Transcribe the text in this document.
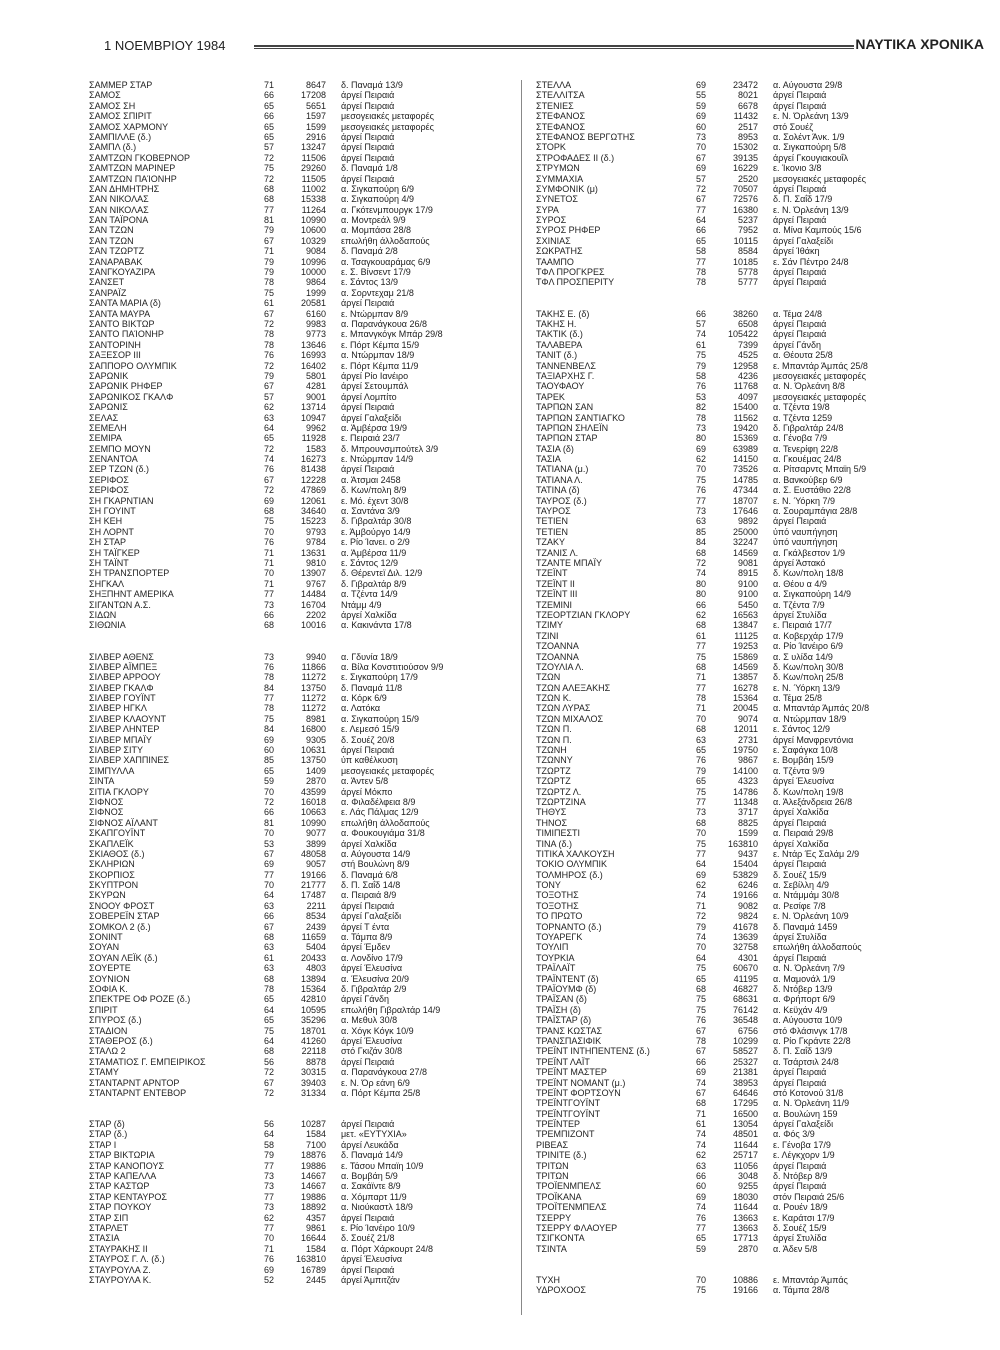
1 ΝΟΕΜΒΡΙΟΥ 1984	ΝΑΥΤΙΚΑ ΧΡΟΝΙΚΑ
ΣΑΜΜΕΡ ΣΤΑΡ	71	8647	δ. Παναμά 13/9
ΣΑΜΟΣ	66	17208	άργεί Πειραιά
ΣΑΜΟΣ ΣΗ	65	5651	άργεί Πειραιά
ΣΑΜΟΣ ΣΠΙΡΙΤ	66	1597	μεσογειακές μεταφορές
ΣΑΜΟΣ ΧΑΡΜΟΝΥ	65	1599	μεσογειακές μεταφορές
ΣΑΜΠΙΛΛΕ (δ.)	65	2916	άργεί Πειραιά
ΣΑΜΠΛ (δ.)	57	13247	άργεί Πειραιά
ΣΑΜΤΖΩΝ ΓΚΟΒΕΡΝΟΡ	72	11506	άργεί Πειραιά
ΣΑΜΤΖΩΝ ΜΑΡΙΝΕΡ	75	29260	δ. Παναμά 1/8
ΣΑΜΤΖΩΝ ΠΑΊΟΝΗΡ	72	11505	άργεί Πειραιά
ΣΑΝ ΔΗΜΗΤΡΗΣ	68	11002	α. Σιγκαπούρη 6/9
ΣΑΝ ΝΙΚΟΛΑΣ	68	15338	α. Σιγκαπούρη 4/9
ΣΑΝ ΝΙΚΟΛΑΣ	77	11264	α. Γκότενμπουργκ 17/9
ΣΑΝ ΤΑΪΡΟΝΑ	81	10990	α. Μοντρεάλ 9/9
ΣΑΝ ΤΖΩΝ	79	10600	α. Μομπάσα 28/8
ΣΑΝ ΤΖΩΝ	67	10329	επωλήθη άλλοδαπούς
ΣΑΝ ΤΖΩΡΤΖ	71	9084	δ. Παναμά 2/8
ΣΑΝΑΡΑΒΑΚ	79	10996	α. Τσαγκουαράμας 6/9
ΣΑΝΓΚΟΥΑΖΙΡΑ	79	10000	ε. Σ. Βίνσεντ 17/9
ΣΑΝΣΕΤ	78	9864	ε. Σάντος 13/9
ΣΑΝΡΑΪΖ	75	1999	α. Σορντεχαμ 21/8
ΣΑΝΤΑ ΜΑΡΙΑ (δ)	61	20581	άργεί Πειραιά
ΣΑΝΤΑ ΜΑΥΡΑ	67	6160	ε. Ντώρμπαν 8/9
ΣΑΝΤΟ ΒΙΚΤΩΡ	72	9983	α. Παρανάγκουα 26/8
ΣΑΝΤΟ ΠΑΊΟΝΗΡ	78	9773	ε. Μπανγκόγκ Μπάρ 29/8
ΣΑΝΤΟΡΙΝΗ	78	13646	ε. Πόρτ Κέμπα 15/9
ΣΑΞΕΣΟΡ III	76	16993	α. Ντώρμπαν 18/9
ΣΑΠΠΟΡΟ ΟΛΥΜΠΙΚ	72	16402	ε. Πόρτ Κέμπα 11/9
ΣΑΡΩΝΙΚ	79	5801	άργεί Ρίο Ιανέιρο
ΣΑΡΩΝΙΚ ΡΗΦΕΡ	67	4281	άργεί Σετουμπάλ
ΣΑΡΩΝΙΚΟΣ ΓΚΑΛΦ	57	9001	άργεί Λομπίτο
ΣΑΡΩΝΙΣ	62	13714	άργεί Πειραιά
ΣΕΛΑΣ	63	10947	άργεί Γαλαξείδι
ΣΕΜΕΛΗ	64	9962	α. Άμβέρσα 19/9
ΣΕΜΙΡΑ	65	11928	ε. Πειραιά 23/7
ΣΕΜΠΟ ΜΟΥΝ	72	1583	δ. Μπρουνσμπούτελ 3/9
ΣΕΝΑΝΤΟΑ	74	16273	ε. Ντώρμπαν 14/9
ΣΕΡ ΤΖΩΝ (δ.)	76	81438	άργεί Πειραιά
ΣΕΡΙΦΟΣ	67	12228	α. Άτσμαι 2458
ΣΕΡΙΦΟΣ	72	47869	δ. Κων/πολη 8/9
ΣΗ ΓΚΑΡΝΤΙΑΝ	69	12061	ε. Μό. έχεντ 30/8
ΣΗ ΓΟΥΙΝΤ	68	34640	α. Σαντάνα 3/9
ΣΗ ΚΕΗ	75	15223	δ. Γιβραλτάρ 30/8
ΣΗ ΛΟΡΝΤ	70	9793	ε. Άμβούργο 14/9
ΣΗ ΣΤΑΡ	76	9784	ε. Ρίο Ίανει. ο 2/9
ΣΗ ΤΑΪΓΚΕΡ	71	13631	α. Άμβέρσα 11/9
ΣΗ ΤΑΪΝΤ	71	9810	ε. Σάντος 12/9
ΣΗ ΤΡΑΝΣΠΟΡΤΕΡ	70	13907	δ. Θέρεντεϊ Διλ. 12/9
ΣΗΓΚΑΛ	71	9767	δ. Γιβραλτάρ 8/9
ΣΗΞΠΗΝΤ ΑΜΕΡΙΚΑ	77	14484	α. Τζέντα 14/9
ΣΙΓΑΝΤΩΝ Α.Σ.	73	16704	Ντάμμ 4/9
ΣΙΔΩΝ	66	2202	άργεί Χαλκίδα
ΣΙΘΩΝΙΑ	68	10016	α. Κακινάντα 17/8
ΣΙΛΒΕΡ ΑΘΕΝΣ	73	9940	α. Γδυνία 18/9
ΣΙΛΒΕΡ ΑΪΜΠΕΞ	76	11866	α. Βίλα Κονστιτιούσον 9/9
ΣΙΛΒΕΡ ΑΡΡΟΟΥ	78	11272	ε. Σιγκαπούρη 17/9
ΣΙΛΒΕΡ ΓΚΑΛΦ	84	13750	δ. Παναμά 11/8
ΣΙΛΒΕΡ ΓΟΥΪΝΤ	77	11272	α. Κόρκ 6/9
ΣΙΛΒΕΡ ΗΓΚΛ	78	11272	α. Λατόκα
ΣΙΛΒΕΡ ΚΛΑΟΥΝΤ	75	8981	α. Σιγκαπούρη 15/9
ΣΙΛΒΕΡ ΛΗΝΤΕΡ	84	16800	ε. Λεμεσό 15/9
ΣΙΛΒΕΡ ΜΠΑΪΥ	69	9305	δ. Σουέζ 20/8
ΣΙΛΒΕΡ ΣΙΤΥ	60	10631	άργεί Πειραιά
ΣΙΛΒΕΡ ΧΑΠΠΙΝΕΣ	85	13750	ύπ καθέλκυση
ΣΙΜΠΥΛΛΑ	65	1409	μεσογειακές μεταφορές
ΣΙΝΤΑ	59	2870	α. Άντεν 5/8
ΣΙΤΙΑ ΓΚΛΟΡΥ	70	43599	άργεί Μόκπο
ΣΙΦΝΟΣ	72	16018	α. Φιλαδέλφεια 8/9
ΣΙΦΝΟΣ	66	10663	ε. Λάς Πάλμας 12/9
ΣΙΦΝΟΣ ΑΪΛΑΝΤ	81	10990	επωλήθη άλλοδαπούς
ΣΚΑΠΓΟΥΪΝΤ	70	9077	α. Φουκουγιάμα 31/8
ΣΚΑΠΛΕΪΚ	53	3899	άργεί Χαλκίδα
ΣΚΙΑΘΟΣ (δ.)	67	48058	α. Αύγουστα 14/9
ΣΚΛΗΡΙΩΝ	69	9057	στή Βουλώνη 8/9
ΣΚΟΡΠΙΟΣ	77	19166	δ. Παναμά 6/8
ΣΚΥΠΤΡΟΝ	70	21777	δ. Π. Σαΐδ 14/8
ΣΚΥΡΩΝ	64	17487	α. Πειραιά 8/9
ΣΝΟΟΥ ΦΡΟΣΤ	63	2211	άργεί Πειραιά
ΣΟΒΕΡΕΪΝ ΣΤΑΡ	66	8534	άργεί Γαλαξείδι
ΣΟΜΚΟΛ 2 (δ.)	67	2439	άργεί Τ έντα
ΣΟΝΙΝΤ	68	11659	α. Τάμπα 8/9
ΣΟΥΑΝ	63	5404	άργεί Έμδεν
ΣΟΥΑΝ ΛΕΪΚ (δ.)	61	20433	α. Λονδίνο 17/9
ΣΟΥΕΡΤΕ	63	4803	άργεί Έλευσίνα
ΣΟΥΝΙΟΝ	68	13894	α. Έλευσίνα 20/9
ΣΟΦΙΑ Κ.	78	15364	δ. Γιβραλτάρ 2/9
ΣΠΕΚΤΡΕ ΟΦ ΡΟΖΕ (δ.)	65	42810	άργεί Γάνδη
ΣΠΙΡΙΤ	64	10595	επωλήθη Γιβραλτάρ 14/9
ΣΠΥΡΟΣ (δ.)	65	35296	α. Μεθυλ 30/8
ΣΤΑΔΙΟΝ	75	18701	α. Χόγκ Κόγκ 10/9
ΣΤΑΘΕΡΟΣ (δ.)	64	41260	άργεί Έλευσίνα
ΣΤΑΛΩ 2	68	22118	στό Γκιζάν 30/8
ΣΤΑΜΑΤΙΟΣ Γ. ΕΜΠΕΙΡΙΚΟΣ	56	8878	άργεί Πειραιά
ΣΤΑΜΥ	72	30315	α. Παρανάγκουα 27/8
ΣΤΑΝΤΑΡΝΤ ΑΡΝΤΟΡ	67	39403	ε. Ν. Όρ εάνη 6/9
ΣΤΑΝΤΑΡΝΤ ΕΝΤΕΒΟΡ	72	31334	α. Πόρτ Κέμπα 25/8
ΣΤΑΡ (δ)	56	10287	άργεί Πειραιά
ΣΤΑΡ (δ.)	64	1584	μετ. «ΕΥΤΥΧΙΑ»
ΣΤΑΡ Ι	58	7100	άργεί Λευκάδα
ΣΤΑΡ ΒΙΚΤΩΡΙΑ	79	18876	δ. Παναμά 14/9
ΣΤΑΡ ΚΑΝΟΠΟΥΣ	77	19886	ε. Τάσου Μπαϊη 10/9
ΣΤΑΡ ΚΑΠΕΛΛΑ	73	14667	α. Βομβάη 5/9
ΣΤΑΡ ΚΑΣΤΩΡ	73	14667	α. Σακάϊντε 8/9
ΣΤΑΡ ΚΕΝΤΑΥΡΟΣ	77	19886	α. Χόμπαρτ 11/9
ΣΤΑΡ ΠΟΥΚΟΥ	73	18892	α. Νιούκαστλ 18/9
ΣΤΑΡ ΣΙΠ	62	4357	άργεί Πειραιά
ΣΤΑΡΛΕΤ	77	9861	ε. Ρίο Ίανέιρο 10/9
ΣΤΑΣΙΑ	70	16644	δ. Σουέζ 21/8
ΣΤΑΥΡΑΚΗΣ ΙΙ	71	1584	α. Πόρτ Χάρκουρτ 24/8
ΣΤΑΥΡΟΣ Γ. Λ. (δ.)	76	163810	άργεί Έλευσίνα
ΣΤΑΥΡΟΥΛΑ Ζ.	69	16789	άργεί Πειραιά
ΣΤΑΥΡΟΥΛΑ Κ.	52	2445	άργεί Άμπιτζάν
ΣΤΕΛΛΑ	69	23472	α. Αύγουστα 29/8
ΣΤΕΛΛΙΤΣΑ	55	8021	άργεί Πειραιά
ΣΤΕΝΙΕΣ	59	6678	άργεί Πειραιά
ΣΤΕΦΑΝΟΣ	69	11432	ε. Ν. Όρλεάνη 13/9
ΣΤΕΦΑΝΟΣ	60	2517	στό Σουέζ
ΣΤΕΦΑΝΟΣ ΒΕΡΓΩΤΗΣ	73	8953	α. Σολέντ Άνκ. 1/9
ΣΤΟΡΚ	70	15302	α. Σιγκαπούρη 5/8
ΣΤΡΟΦΑΔΕΣ ΙΙ (δ.)	67	39135	άργεί Γκουγιακουΐλ
ΣΤΡΥΜΩΝ	69	16229	ε. Ίκονιο 3/8
ΣΥΜΜΑΧΙΑ	57	2520	μεσογειακές μεταφορές
ΣΥΜΦΟΝΙΚ (μ)	72	70507	άργεί Πειραιά
ΣΥΝΕΤΟΣ	67	72576	δ. Π. Σαΐδ 17/9
ΣΥΡΑ	77	16380	ε. Ν. Όρλεάνη 13/9
ΣΥΡΟΣ	64	5237	άργεί Πειραιά
ΣΥΡΟΣ ΡΗΦΕΡ	66	7952	α. Μίνα Καμπούς 15/6
ΣΧΙΝΙΑΣ	65	10115	άργεί Γαλαξείδι
ΣΩΚΡΑΤΗΣ	58	8584	άργεί Ίθάκη
ΤΑΑΜΠΟ	77	10185	ε. Σάν Πέντρο 24/8
ΤΦΛ ΠΡΟΓΚΡΕΣ	78	5778	άργεί Πειραιά
ΤΦΛ ΠΡΟΣΠΕΡΙΤΥ	78	5777	άργεί Πειραιά
ΤΑΚΗΣ Ε. (δ)	66	38260	α. Τέμα 24/8
ΤΑΚΗΣ Η.	57	6508	άργεί Πειραιά
ΤΑΚΤΙΚ (δ.)	74	105422	άργεί Πειραιά
ΤΑΛΑΒΕΡΑ	61	7399	άργεί Γάνδη
ΤΑΝΙΤ (δ.)	75	4525	α. Θέουτα 25/8
ΤΑΝΝΕΝΒΕΛΣ	79	12958	ε. Μπαντάρ Άμπάς 25/8
ΤΑΞΙΑΡΧΗΣ Γ.	58	4236	μεσογειακές μεταφορές
ΤΑΟΥΦΑΟΥ	76	11768	α. Ν. Όρλεάνη 8/8
ΤΑΡΕΚ	53	4097	μεσογειακές μεταφορές
ΤΑΡΠΩΝ ΣΑΝ	82	15400	α. Τζέντα 19/8
ΤΑΡΠΩΝ ΣΑΝΤΙΑΓΚΟ	78	11562	α. Τζέντα 1259
ΤΑΡΠΩΝ ΣΗΛΕΪΝ	73	19420	δ. Γιβραλτάρ 24/8
ΤΑΡΠΩΝ ΣΤΑΡ	80	15369	α. Γένοβα 7/9
ΤΑΣΙΑ (δ)	69	63989	α. Τενερίφη 22/8
ΤΑΣΙΑ	62	14150	α. Γκουέμας 24/8
ΤΑΤΙΑΝΑ (μ.)	70	73526	α. Ρίτσαρντς Μπαϊη 5/9
ΤΑΤΙΑΝΑ Λ.	75	14785	α. Βανκούβερ 6/9
ΤΑΤΙΝΑ (δ)	76	47344	α. Σ. Ευστάθιο 22/8
ΤΑΥΡΟΣ (δ.)	77	18707	ε. Ν. Ύόρκη 7/9
ΤΑΥΡΟΣ	73	17646	α. Σουραμπάγια 28/8
ΤΕΤΙΕΝ	63	9892	άργεί Πειραιά
ΤΕΤΙΕΝ	85	25000	ύπό ναυπήγηση
ΤΖΑΚΥ	84	32247	ύπό ναυπήγηση
ΤΖΑΝΙΣ Λ.	68	14569	α. Γκάλβεστον 1/9
ΤΖΑΝΤΕ ΜΠΑΪΥ	72	9081	άργεί Άστακό
ΤΖΕΪΝΤ	74	8915	δ. Κων/πολη 18/8
ΤΖΕΪΝΤ ΙΙ	80	9100	α. Θέου α 4/9
ΤΖΕΪΝΤ ΙΙΙ	80	9100	α. Σιγκαπούρη 14/9
ΤΖΕΜΙΝΙ	66	5450	α. Τζέντα 7/9
ΤΖΕΟΡΤΖΙΑΝ ΓΚΛΟΡΥ	62	16563	άργεί Στυλίδα
ΤΖΙΜΥ	68	13847	ε. Πειραιά 17/7
ΤΖΙΝΙ	61	11125	α. Κοβερχάρ 17/9
ΤΖΟΑΝΝΑ	77	19253	α. Ρίο Ίανέιρο 6/9
ΤΖΟΑΝΝΑ	75	15869	α. Σ υλίδα 14/9
ΤΖΟΥΛΙΑ Λ.	68	14569	δ. Κων/πολη 30/8
ΤΖΩΝ	71	13857	δ. Κων/πολη 25/8
ΤΖΩΝ ΑΛΕΞΑΚΗΣ	77	16278	ε. Ν. Ύόρκη 13/9
ΤΖΩΝ Κ.	78	15364	α. Τέμα 25/8
ΤΖΩΝ ΛΥΡΑΣ	71	20045	α. Μπαντάρ Άμπάς 20/8
ΤΖΩΝ ΜΙΧΑΛΟΣ	70	9074	α. Ντώρμπαν 18/9
ΤΖΩΝ Π.	68	12011	ε. Σάντος 12/9
ΤΖΩΝ Π.	63	2731	άργεί Μανφρεντόνια
ΤΖΩΝΗ	65	19750	ε. Σαφάγκα 10/8
ΤΖΩΝΝΥ	76	9867	ε. Βομβάη 15/9
ΤΖΩΡΤΖ	79	14100	α. Τζέντα 9/9
ΤΖΩΡΤΖ	65	4323	άργεί Έλευσίνα
ΤΖΩΡΤΖ Λ.	75	14786	δ. Κων/πολη 19/8
ΤΖΩΡΤΖΙΝΑ	77	11348	α. Άλεξάνδρεια 26/8
ΤΗΘΥΣ	73	3717	άργεί Χαλκίδα
ΤΗΝΟΣ	68	8825	άργεί Πειραιά
ΤΙΜΙΠΕΣΤΙ	70	1599	α. Πειραιά 29/8
ΤΙΝΑ (δ.)	75	163810	άργεί Χαλκίδα
ΤΙΤΙΚΑ ΧΑΛΚΟΥΣΗ	77	9437	ε. Ντάρ Ές Σαλάμ 2/9
ΤΟΚΙΟ ΟΛΥΜΠΙΚ	64	15404	άργεί Πειραιά
ΤΟΛΜΗΡΟΣ (δ.)	69	53829	δ. Σουέζ 15/9
ΤΟΝΥ	62	6246	α. Σεβίλλη 4/9
ΤΟΞΟΤΗΣ	74	19166	α. Ντάμμάμ 30/8
ΤΟΞΟΤΗΣ	71	9082	α. Ρεσίφε 7/8
ΤΟ ΠΡΩΤΟ	72	9824	ε. Ν. Όρλεάνη 10/9
ΤΟΡΝΑΝΤΟ (δ.)	79	41678	δ. Παναμά 1459
ΤΟΥΑΡΕΓΚ	74	13639	άργεί Στυλίδα
ΤΟΥΛΙΠ	70	32758	επωλήθη άλλοδαπούς
ΤΟΥΡΚΙΑ	64	4301	άργεί Πειραιά
ΤΡΑΪΛΑΪΤ	75	60670	α. Ν. Όρλεάνη 7/9
ΤΡΑΪΝΤΕΝΤ (δ)	65	41195	α. Μαμονάλ 1/9
ΤΡΑΪΟΥΜΦ (δ)	68	46827	δ. Ντόβερ 13/9
ΤΡΑΪΣΑΝ (δ)	75	68631	α. Φρήπορτ 6/9
ΤΡΑΪΣΗ (δ)	75	76142	α. Κεϋχάν 4/9
ΤΡΑΪΣΤΑΡ (δ)	76	36548	α. Αύγουστα 10/9
ΤΡΑΝΣ ΚΩΣΤΑΣ	67	6756	στό Φλάσινγκ 17/8
ΤΡΑΝΣΠΑΣΙΦΙΚ	78	10299	α. Ρίο Γκράντε 22/8
ΤΡΕΪΝΤ ΙΝΤΗΠΕΝΤΕΝΣ (δ.)	67	58527	δ. Π. Σαΐδ 13/9
ΤΡΕΪΝΤ ΛΑΪΤ	66	25327	α. Τσάρτσιλ 24/8
ΤΡΕΪΝΤ ΜΑΣΤΕΡ	69	21381	άργεί Πειραιά
ΤΡΕΪΝΤ ΝΟΜΑΝΤ (μ.)	74	38953	άργεί Πειραιά
ΤΡΕΪΝΤ ΦΟΡΤΣΟΥΝ	67	64646	στό Κοτονού 31/8
ΤΡΕΪΝΤΓΟΥΪΝΤ	68	17295	α. Ν. Όρλεάνη 11/9
ΤΡΕΪΝΤΓΟΥΪΝΤ	71	16500	α. Βουλώνη 159
ΤΡΕΪΝΤΕΡ	61	13054	άργεί Γαλαξείδι
ΤΡΕΜΠΙΖΟΝΤ	74	48501	α. Φός 3/9
ΡΙΒΕΑΣ	74	11644	ε. Γένοβα 17/9
ΤΡΙΝΙΤΕ (δ.)	62	25717	ε. Λέγκχορν 1/9
ΤΡΙΤΩΝ	63	11056	άργεί Πειραιά
ΤΡΙΤΩΝ	66	3048	δ. Ντόβερ 8/9
ΤΡΟΪΕΝΜΠΕΛΣ	60	9255	άργεί Πειραιά
ΤΡΟΪΚΑΝΑ	69	18030	στόν Πειραιά 25/6
ΤΡΟΪΤΕΝΜΠΕΛΣ	74	11644	α. Ρουέν 18/9
ΤΣΕΡΡΥ	76	13663	ε. Καράτσι 17/9
ΤΣΕΡΡΥ ΦΛΑΟΥΕΡ	77	13663	δ. Σουέζ 15/9
ΤΣΙΓΚΟΝΤΑ	65	17713	άργεί Στυλίδα
ΤΣΙΝΤΑ	59	2870	α. Άδεν 5/8
ΤΥΧΗ	70	10886	ε. Μπαντάρ Άμπάς
ΥΔΡΟΧΟΟΣ	75	19166	α. Τάμπα 28/8
